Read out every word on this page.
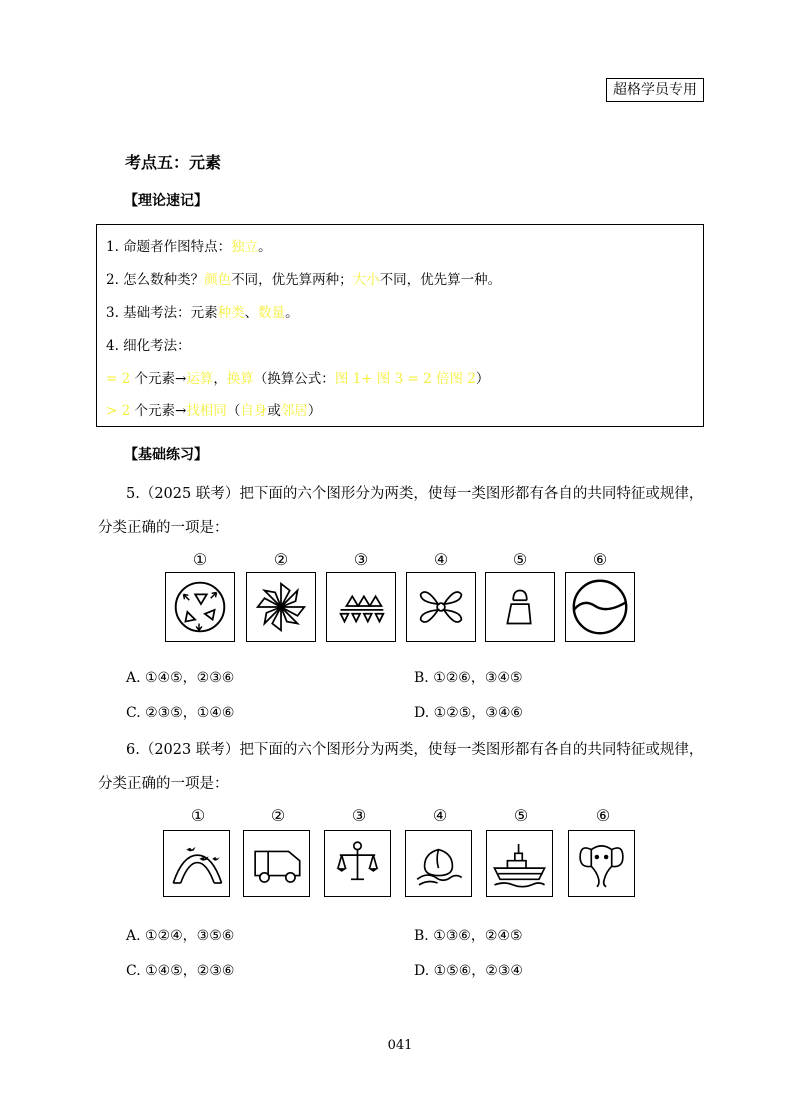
超格学员专用
考点五：元素
【理论速记】
1. 命题者作图特点：独立。
2. 怎么数种类？颜色不同，优先算两种；大小不同，优先算一种。
3. 基础考法：元素种类、数量。
4. 细化考法：
= 2 个元素→运算，换算（换算公式：图 1+ 图 3 = 2 倍图 2）
> 2 个元素→找相同（自身或邻居）
【基础练习】
5.（2025 联考）把下面的六个图形分为两类，使每一类图形都有各自的共同特征或规律，
分类正确的一项是：
①	②	③	④	⑤	⑥
A. ①④⑤，②③⑥	B. ①②⑥，③④⑤
C. ②③⑤，①④⑥	D. ①②⑤，③④⑥
6.（2023 联考）把下面的六个图形分为两类，使每一类图形都有各自的共同特征或规律，
分类正确的一项是：
①	②	③	④	⑤	⑥
A. ①②④，③⑤⑥	B. ①③⑥，②④⑤
C. ①④⑤，②③⑥	D. ①⑤⑥，②③④
041
